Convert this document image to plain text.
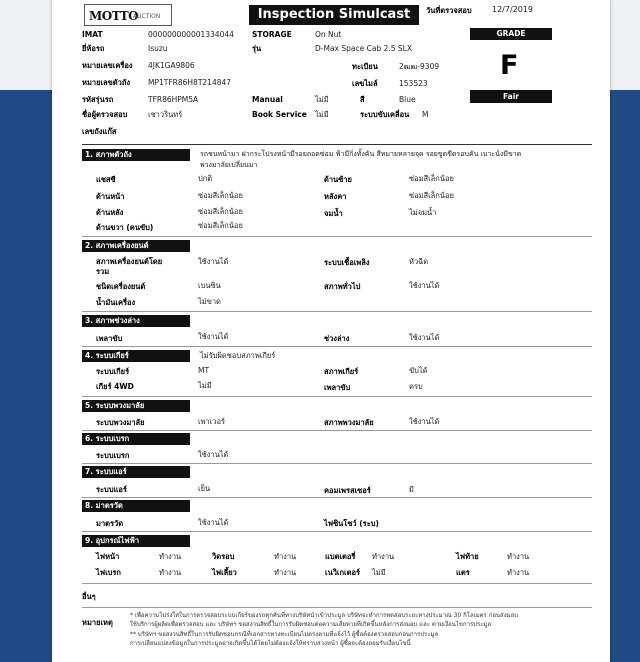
MOTTO
AUCTION	Inspection Simulcast	วันที่ตรวจสอบ	12/7/2019
GRADE
F
Fair
IMAT	000000000001334044 STORAGE	On Nut
ยี่ห้อรถ	Isuzu	รุ่น	D-Max Space Cab 2.5 SLX
หมายเลขเครื่อง 4JK1GA9806	ทะเบียน	2ฒฒ-9309
หมายเลขตัวถัง MP1TFR86H8T214847	เลขไมล์	153523
รหัสรุ่นรถ	TFR86HPM5A	Manual	ไม่มี	สี	Blue
ชื่อผู้ตรวจสอบ	เชาวรินทร์	Book Service ไม่มี	ระบบขับเคลื่อน M
เลขถังแก๊ส
1. สภาพตัวถัง	รถชนหน้ามา ฝากระโปรงหน้ามีรอยถอดซ่อม ฟ้ามีกิ่งทั้งคัน สีหมายหลายจุด รอยขูดขีดรอบคัน เบาะนั่งมีขาด
พวงมาลัยเปลี่ยนมา
แชสซี	ปกติ	ด้านซ้าย	ซ่อมสีเล็กน้อย
ด้านหน้า	ซ่อมสีเล็กน้อย	หลังคา	ซ่อมสีเล็กน้อย
ด้านหลัง	ซ่อมสีเล็กน้อย	จมน้ำ	ไม่จมน้ำ
ด้านขวา (คนขับ)	ซ่อมสีเล็กน้อย
2. สภาพเครื่องยนต์
สภาพเครื่องยนต์โดย
รวม
ใช้งานได้	ระบบเชื้อเพลิง	หัวฉีด
ชนิดเครื่องยนต์	เบนซิน	สภาพทั่วไป	ใช้งานได้
น้ำมันเครื่อง	ไม่ขาด
3. สภาพช่วงล่าง
เพลาขับ	ใช้งานได้	ช่วงล่าง	ใช้งานได้
4. ระบบเกียร์	ไม่รับผิดชอบสภาพเกียร์
ระบบเกียร์	MT	สภาพเกียร์	ขับได้
เกียร์ 4WD	ไม่มี	เพลาขับ	ครบ
5. ระบบพวงมาลัย
ระบบพวงมาลัย	เพาเวอร์	สภาพพวงมาลัย	ใช้งานได้
6. ระบบเบรก
ระบบเบรก	ใช้งานได้
7. ระบบแอร์
ระบบแอร์	เย็น	คอมเพรสเซอร์	มี
8. มาตรวัด
มาตรวัด	ใช้งานได้	ไฟซินโชว์ (ระบ)
9. อุปกรณ์ไฟฟ้า
ไฟหน้า	ทำงาน	วิดรอบ	ทำงาน	แบตเตอรี่ ทำงาน	ไฟท้าย	ทำงาน
ไฟเบรก	ทำงาน	ไฟเลี้ยว	ทำงาน	เนวิเกเตอร์ ไม่มี	แตร	ทำงาน
อื่นๆ
หมายเหตุ
* เพื่อความโปร่งใสในการตรวจสอบระบบเกียร์ของรถทุกคันที่ทางบริษัทนำเข้าประมูล บริษัทจะทำการทดสอบระยะทางประมาณ 30 กิโลเมตร ก่อนส่งมอบ
ใช้บริการผู้ผลิตเพื่อตรวจสอบ และ บริษัทฯ ขอสงวนสิทธิ์ในการรับผิดชอบต่อความเสียหายที่เกิดขึ้นหลังการส่งมอบ และ ตามเงื่อนไขการประมูล
** บริษัทฯ ขอสงวนสิทธิ์ในการรับผิดชอบกรณีที่เอกสารทางทะเบียนไม่ตรงตามที่แจ้งไว้ ผู้ซื้อต้องตรวจสอบก่อนการประมูล
การเปลี่ยนแปลงข้อมูลในการประมูลอาจเกิดขึ้นได้โดยไม่ต้องแจ้งให้ทราบล่วงหน้า ผู้ซื้อจะต้องยอมรับเงื่อนไขนี้
